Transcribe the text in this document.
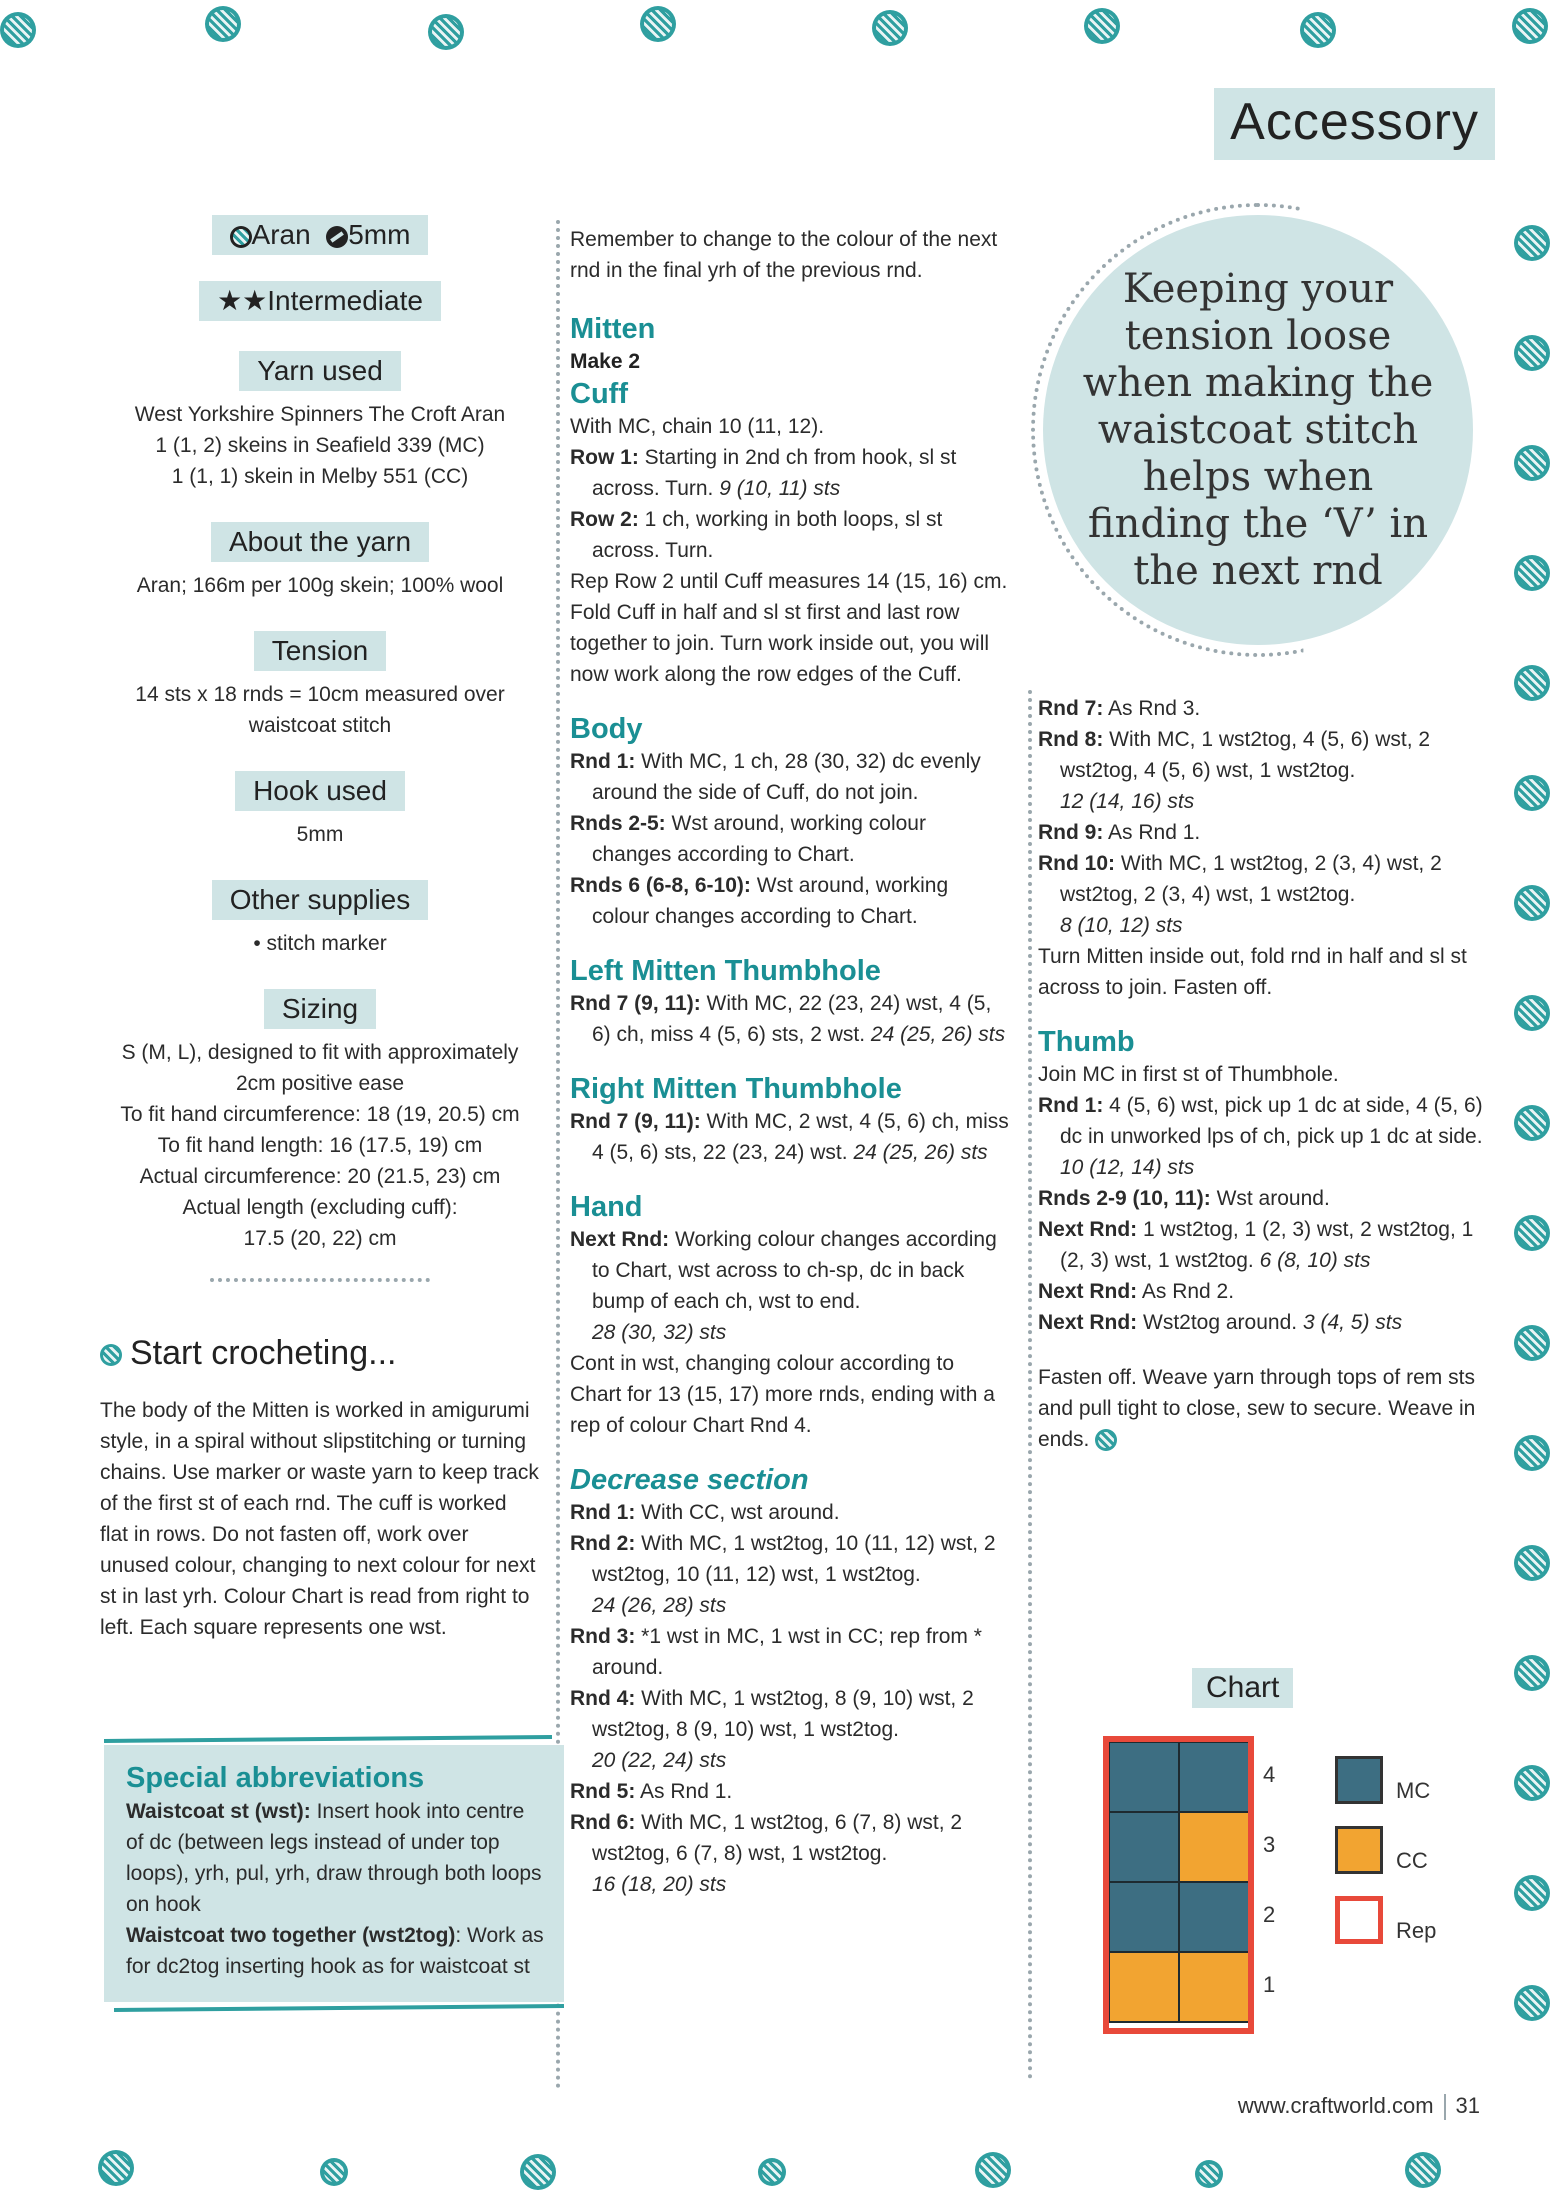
Accessory
Aran 5mm
★★Intermediate
Yarn used

West Yorkshire Spinners The Croft Aran
1 (1, 2) skeins in Seafield 339 (MC)
1 (1, 1) skein in Melby 551 (CC)

About the yarn

Aran; 166m per 100g skein; 100% wool

Tension

14 sts x 18 rnds = 10cm measured over
waistcoat stitch

Hook used

5mm

Other supplies

• stitch marker

Sizing

S (M, L), designed to fit with approximately
2cm positive ease
To fit hand circumference: 18 (19, 20.5) cm
To fit hand length: 16 (17.5, 19) cm
Actual circumference: 20 (21.5, 23) cm
Actual length (excluding cuff):
17.5 (20, 22) cm

Start crocheting...

The body of the Mitten is worked in amigurumi style, in a spiral without slipstitching or turning chains. Use marker or waste yarn to keep track of the first st of each rnd. The cuff is worked flat in rows. Do not fasten off, work over unused colour, changing to next colour for next st in last yrh. Colour Chart is read from right to left. Each square represents one wst.

Special abbreviations

Waistcoat st (wst): Insert hook into centre of dc (between legs instead of under top loops), yrh, pul, yrh, draw through both loops on hook

Waistcoat two together (wst2tog): Work as for dc2tog inserting hook as for waistcoat st

Remember to change to the colour of the next rnd in the final yrh of the previous rnd.

Mitten
Make 2
Cuff

With MC, chain 10 (11, 12).

Row 1: Starting in 2nd ch from hook, sl st across. Turn. 9 (10, 11) sts

Row 2: 1 ch, working in both loops, sl st across. Turn.

Rep Row 2 until Cuff measures 14 (15, 16) cm.

Fold Cuff in half and sl st first and last row together to join. Turn work inside out, you will now work along the row edges of the Cuff.

Body

Rnd 1: With MC, 1 ch, 28 (30, 32) dc evenly around the side of Cuff, do not join.

Rnds 2-5: Wst around, working colour changes according to Chart.

Rnds 6 (6-8, 6-10): Wst around, working colour changes according to Chart.

Left Mitten Thumbhole

Rnd 7 (9, 11): With MC, 22 (23, 24) wst, 4 (5, 6) ch, miss 4 (5, 6) sts, 2 wst. 24 (25, 26) sts

Right Mitten Thumbhole

Rnd 7 (9, 11): With MC, 2 wst, 4 (5, 6) ch, miss 4 (5, 6) sts, 22 (23, 24) wst. 24 (25, 26) sts

Hand

Next Rnd: Working colour changes according to Chart, wst across to ch-sp, dc in back bump of each ch, wst to end.

28 (30, 32) sts

Cont in wst, changing colour according to Chart for 13 (15, 17) more rnds, ending with a rep of colour Chart Rnd 4.

Decrease section

Rnd 1: With CC, wst around.

Rnd 2: With MC, 1 wst2tog, 10 (11, 12) wst, 2 wst2tog, 10 (11, 12) wst, 1 wst2tog.

24 (26, 28) sts

Rnd 3: *1 wst in MC, 1 wst in CC; rep from * around.

Rnd 4: With MC, 1 wst2tog, 8 (9, 10) wst, 2 wst2tog, 8 (9, 10) wst, 1 wst2tog.

20 (22, 24) sts

Rnd 5: As Rnd 1.

Rnd 6: With MC, 1 wst2tog, 6 (7, 8) wst, 2 wst2tog, 6 (7, 8) wst, 1 wst2tog.

16 (18, 20) sts

Keeping your tension loose when making the waistcoat stitch helps when finding the ‘V’ in the next rnd

Rnd 7: As Rnd 3.

Rnd 8: With MC, 1 wst2tog, 4 (5, 6) wst, 2 wst2tog, 4 (5, 6) wst, 1 wst2tog.

12 (14, 16) sts

Rnd 9: As Rnd 1.

Rnd 10: With MC, 1 wst2tog, 2 (3, 4) wst, 2 wst2tog, 2 (3, 4) wst, 1 wst2tog.

8 (10, 12) sts

Turn Mitten inside out, fold rnd in half and sl st across to join. Fasten off.

Thumb

Join MC in first st of Thumbhole.

Rnd 1: 4 (5, 6) wst, pick up 1 dc at side, 4 (5, 6) dc in unworked lps of ch, pick up 1 dc at side. 10 (12, 14) sts

Rnds 2-9 (10, 11): Wst around.

Next Rnd: 1 wst2tog, 1 (2, 3) wst, 2 wst2tog, 1 (2, 3) wst, 1 wst2tog. 6 (8, 10) sts

Next Rnd: As Rnd 2.

Next Rnd: Wst2tog around. 3 (4, 5) sts

Fasten off. Weave yarn through tops of rem sts and pull tight to close, sew to secure. Weave in ends.

Chart
4
3
2
1
MC
CC
Rep
www.craftworld.com 31
